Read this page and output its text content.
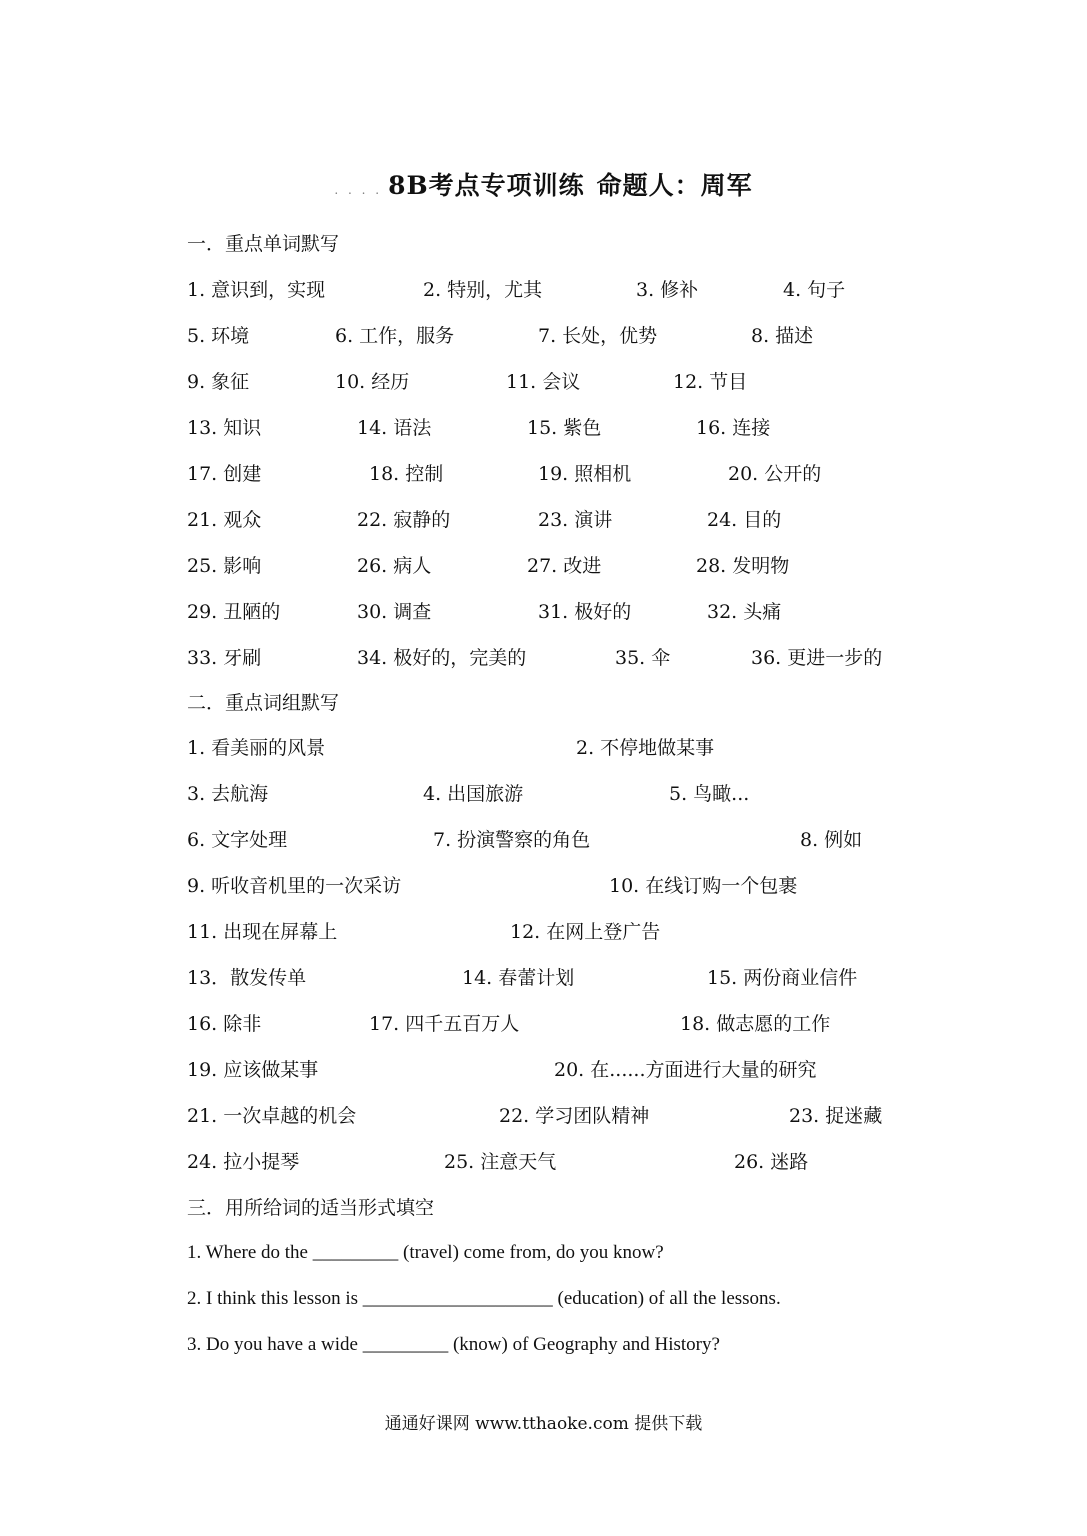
. . . . 8B考点专项训练 命题人：周军
一．重点单词默写
1. 意识到，实现	2. 特别，尤其	3. 修补	4. 句子
5. 环境	6. 工作，服务	7. 长处，优势	8. 描述
9. 象征	10. 经历	11. 会议	12. 节目
13. 知识	14. 语法	15. 紫色	16. 连接
17. 创建	18. 控制	19. 照相机	20. 公开的
21. 观众	22. 寂静的	23. 演讲	24. 目的
25. 影响	26. 病人	27. 改进	28. 发明物
29. 丑陋的	30. 调查	31. 极好的	32. 头痛
33. 牙刷	34. 极好的，完美的	35. 伞	36. 更进一步的
二．重点词组默写
1. 看美丽的风景	2. 不停地做某事
3. 去航海	4. 出国旅游	5. 鸟瞰...
6. 文字处理	7. 扮演警察的角色	8. 例如
9. 听收音机里的一次采访	10. 在线订购一个包裹
11. 出现在屏幕上	12. 在网上登广告
13．散发传单	14. 春蕾计划	15. 两份商业信件
16. 除非	17. 四千五百万人	18. 做志愿的工作
19. 应该做某事	20. 在......方面进行大量的研究
21. 一次卓越的机会	22. 学习团队精神	23. 捉迷藏
24. 拉小提琴	25. 注意天气	26. 迷路
三．用所给词的适当形式填空
1. Where do the _________ (travel) come from, do you know?
2. I think this lesson is ____________________ (education) of all the lessons.
3. Do you have a wide _________ (know) of Geography and History?
通通好课网 www.tthaoke.com 提供下载
